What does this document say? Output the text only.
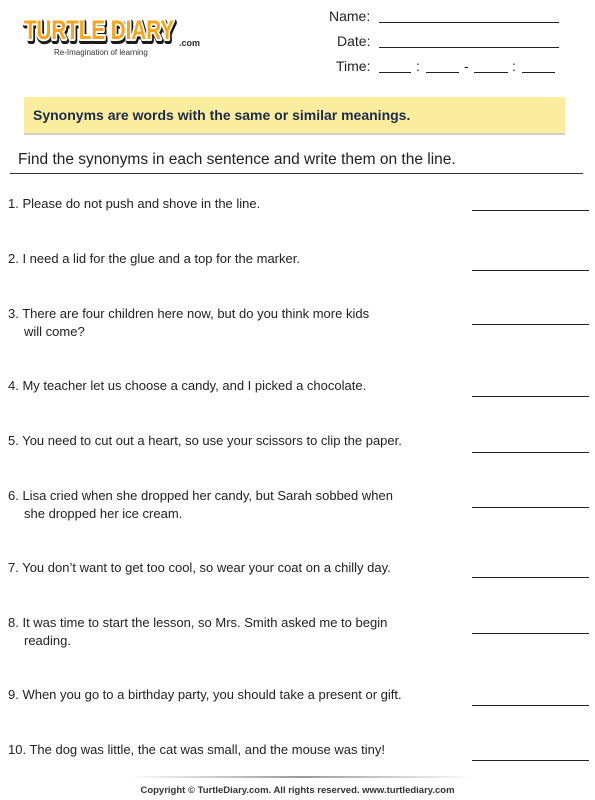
TURTLE DIARY
TURTLE DIARY
TURTLE DIARY .com
Re-Imagination of learning
Name:
Date:
Time:	:	-	:
Synonyms are words with the same or similar meanings.
Find the synonyms in each sentence and write them on the line.
1. Please do not push and shove in the line.
2. I need a lid for the glue and a top for the marker.
3. There are four children here now, but do you think more kids
will come?
4. My teacher let us choose a candy, and I picked a chocolate.
5. You need to cut out a heart, so use your scissors to clip the paper.
6. Lisa cried when she dropped her candy, but Sarah sobbed when
she dropped her ice cream.
7. You don’t want to get too cool, so wear your coat on a chilly day.
8. It was time to start the lesson, so Mrs. Smith asked me to begin
reading.
9. When you go to a birthday party, you should take a present or gift.
10. The dog was little, the cat was small, and the mouse was tiny!
Copyright © TurtleDiary.com. All rights reserved. www.turtlediary.com
